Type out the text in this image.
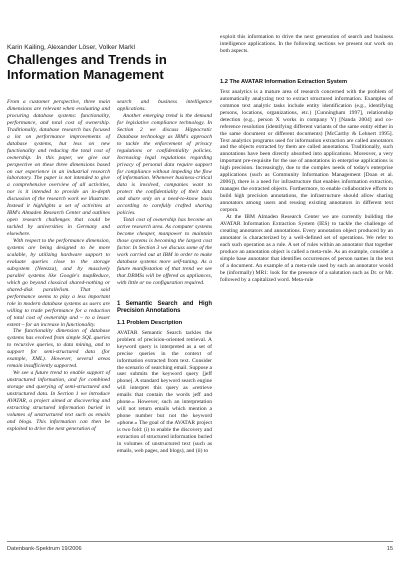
Karin Kailing, Alexander Löser, Volker Markl
Challenges and Trends in Information Management

From a customer perspective, three main dimensions are relevant when evaluating and procuring database systems: functionality, performance, and total cost of ownership. Traditionally, database research has focused a lot on performance improvements of database systems, but less on new functionality and reducing the total cost of ownership. In this paper, we give our perspective on these three dimensions based on our experience in an industrial research laboratory. The paper is not intended to give a comprehensive overview of all activities, nor is it intended to provide an in-depth discussion of the research work we illustrate. Instead it highlights a set of activities at IBM's Almaden Research Center and outlines open research challenges that could be tackled by universities in Germany and elsewhere.

With respect to the performance dimension, systems are being designed to be more scalable, by utilizing hardware support to evaluate queries close to the storage subsystem (Netezza), and by massively parallel systems like Google's mapReduce, which go beyond classical shared-nothing or shared-disk parallelism. That said performance seems to play a less important role in modern database systems as users are willing to trade performance for a reduction of total cost of ownership and – to a lesser extent – for an increase in functionality.

The functionality dimension of database systems has evolved from simple SQL queries to recursive queries, to data mining, and to support for semi-structured data (for example, XML). However, several areas remain insufficiently supported.

We see a future trend to enable support of unstructured information, and for combined storage and querying of semi-structured and unstructured data. In Section 1 we introduce AVATAR, a project aimed at discovering and extracting structured information buried in volumes of unstructured text such as emails and blogs. This information can then be exploited to drive the next generation of

search and business intelligence applications.

Another emerging trend is the demand for legislative compliance technology. In Section 2 we discuss Hippocratic Database technology as IBM's approach to tackle the enforcement of privacy regulations or confidentiality policies. Increasing legal regulations regarding privacy of personal data require support for compliance without impeding the flow of information. Whenever business-critical data is involved, companies want to protect the confidentiality of their data and share only on a need-to-know basis according to carefully crafted sharing policies.

Total cost of ownership has become an active research area. As computer systems become cheaper, manpower to maintain those systems is becoming the largest cost factor. In Section 3 we discuss some of the work carried out at IBM in order to make database systems more self-tuning. As a future manifestation of that trend we see that DBMSs will be offered as appliances, with little or no configuration required.

1 Semantic Search and High Precision Annotations
1.1 Problem Description

AVATAR Semantic Search tackles the problem of precision-oriented retrieval. A keyword query is interpreted as a set of precise queries in the context of information extracted from text. Consider the scenario of searching email. Suppose a user submits the keyword query [jeff phone]. A standard keyword search engine will interpret this query as «retrieve emails that contain the words jeff and phone.» However, such an interpretation will not return emails which mention a phone number but not the keyword «phone.» The goal of the AVATAR project is two fold: (i) to enable the discovery and extraction of structured information buried in volumes of unstructured text (such as emails, web pages, and blogs), and (ii) to

exploit this information to drive the next generation of search and business intelligence applications. In the following sections we present our work on both aspects.

1.2 The AVATAR Information Extraction System

Text analytics is a mature area of research concerned with the problem of automatically analyzing text to extract structured information. Examples of common text analytic tasks include entity identification (e.g., identifying persons, locations, organizations, etc.) [Cunningham 1997], relationship detection (e.g., person X works in company Y) [Nanda 2004] and co-reference resolution (identifying different variants of the same entity either in the same document or different documents) [McCarthy & Lehnert 1995]. Text analytics programs used for information extraction are called annotators and the objects extracted by them are called annotations. Traditionally, such annotations have been directly absorbed into applications. Moreover, a very important pre-requisite for the use of annotations in enterprise applications is high precision. Increasingly, due to the complex needs of today's enterprise applications (such as Community Information Management [Doan et al. 2006]), there is a need for infrastructure that enables information extraction, manages the extracted objects. Furthermore, to enable collaborative efforts to build high precision annotations, the infrastructure should allow sharing annotators among users and reusing existing annotators in different text corpora.

At the IBM Almaden Research Center we are currently building the AVATAR Information Extraction System (IES) to tackle the challenge of creating annotators and annotations. Every annotation object produced by an annotator is characterized by a well-defined set of operations. We refer to each such operation as a rule. A set of rules within an annotator that together produce an annotation object is called a meta-rule. As an example, consider a simple base annotator that identifies occurrences of person names in the text of a document. An example of a meta-rule used by such an annotator would be (informally) MR1: look for the presence of a salutation such as Dr. or Mr. followed by a capitalized word. Meta-rule

Datenbank-Spektrum 19/2006	15
